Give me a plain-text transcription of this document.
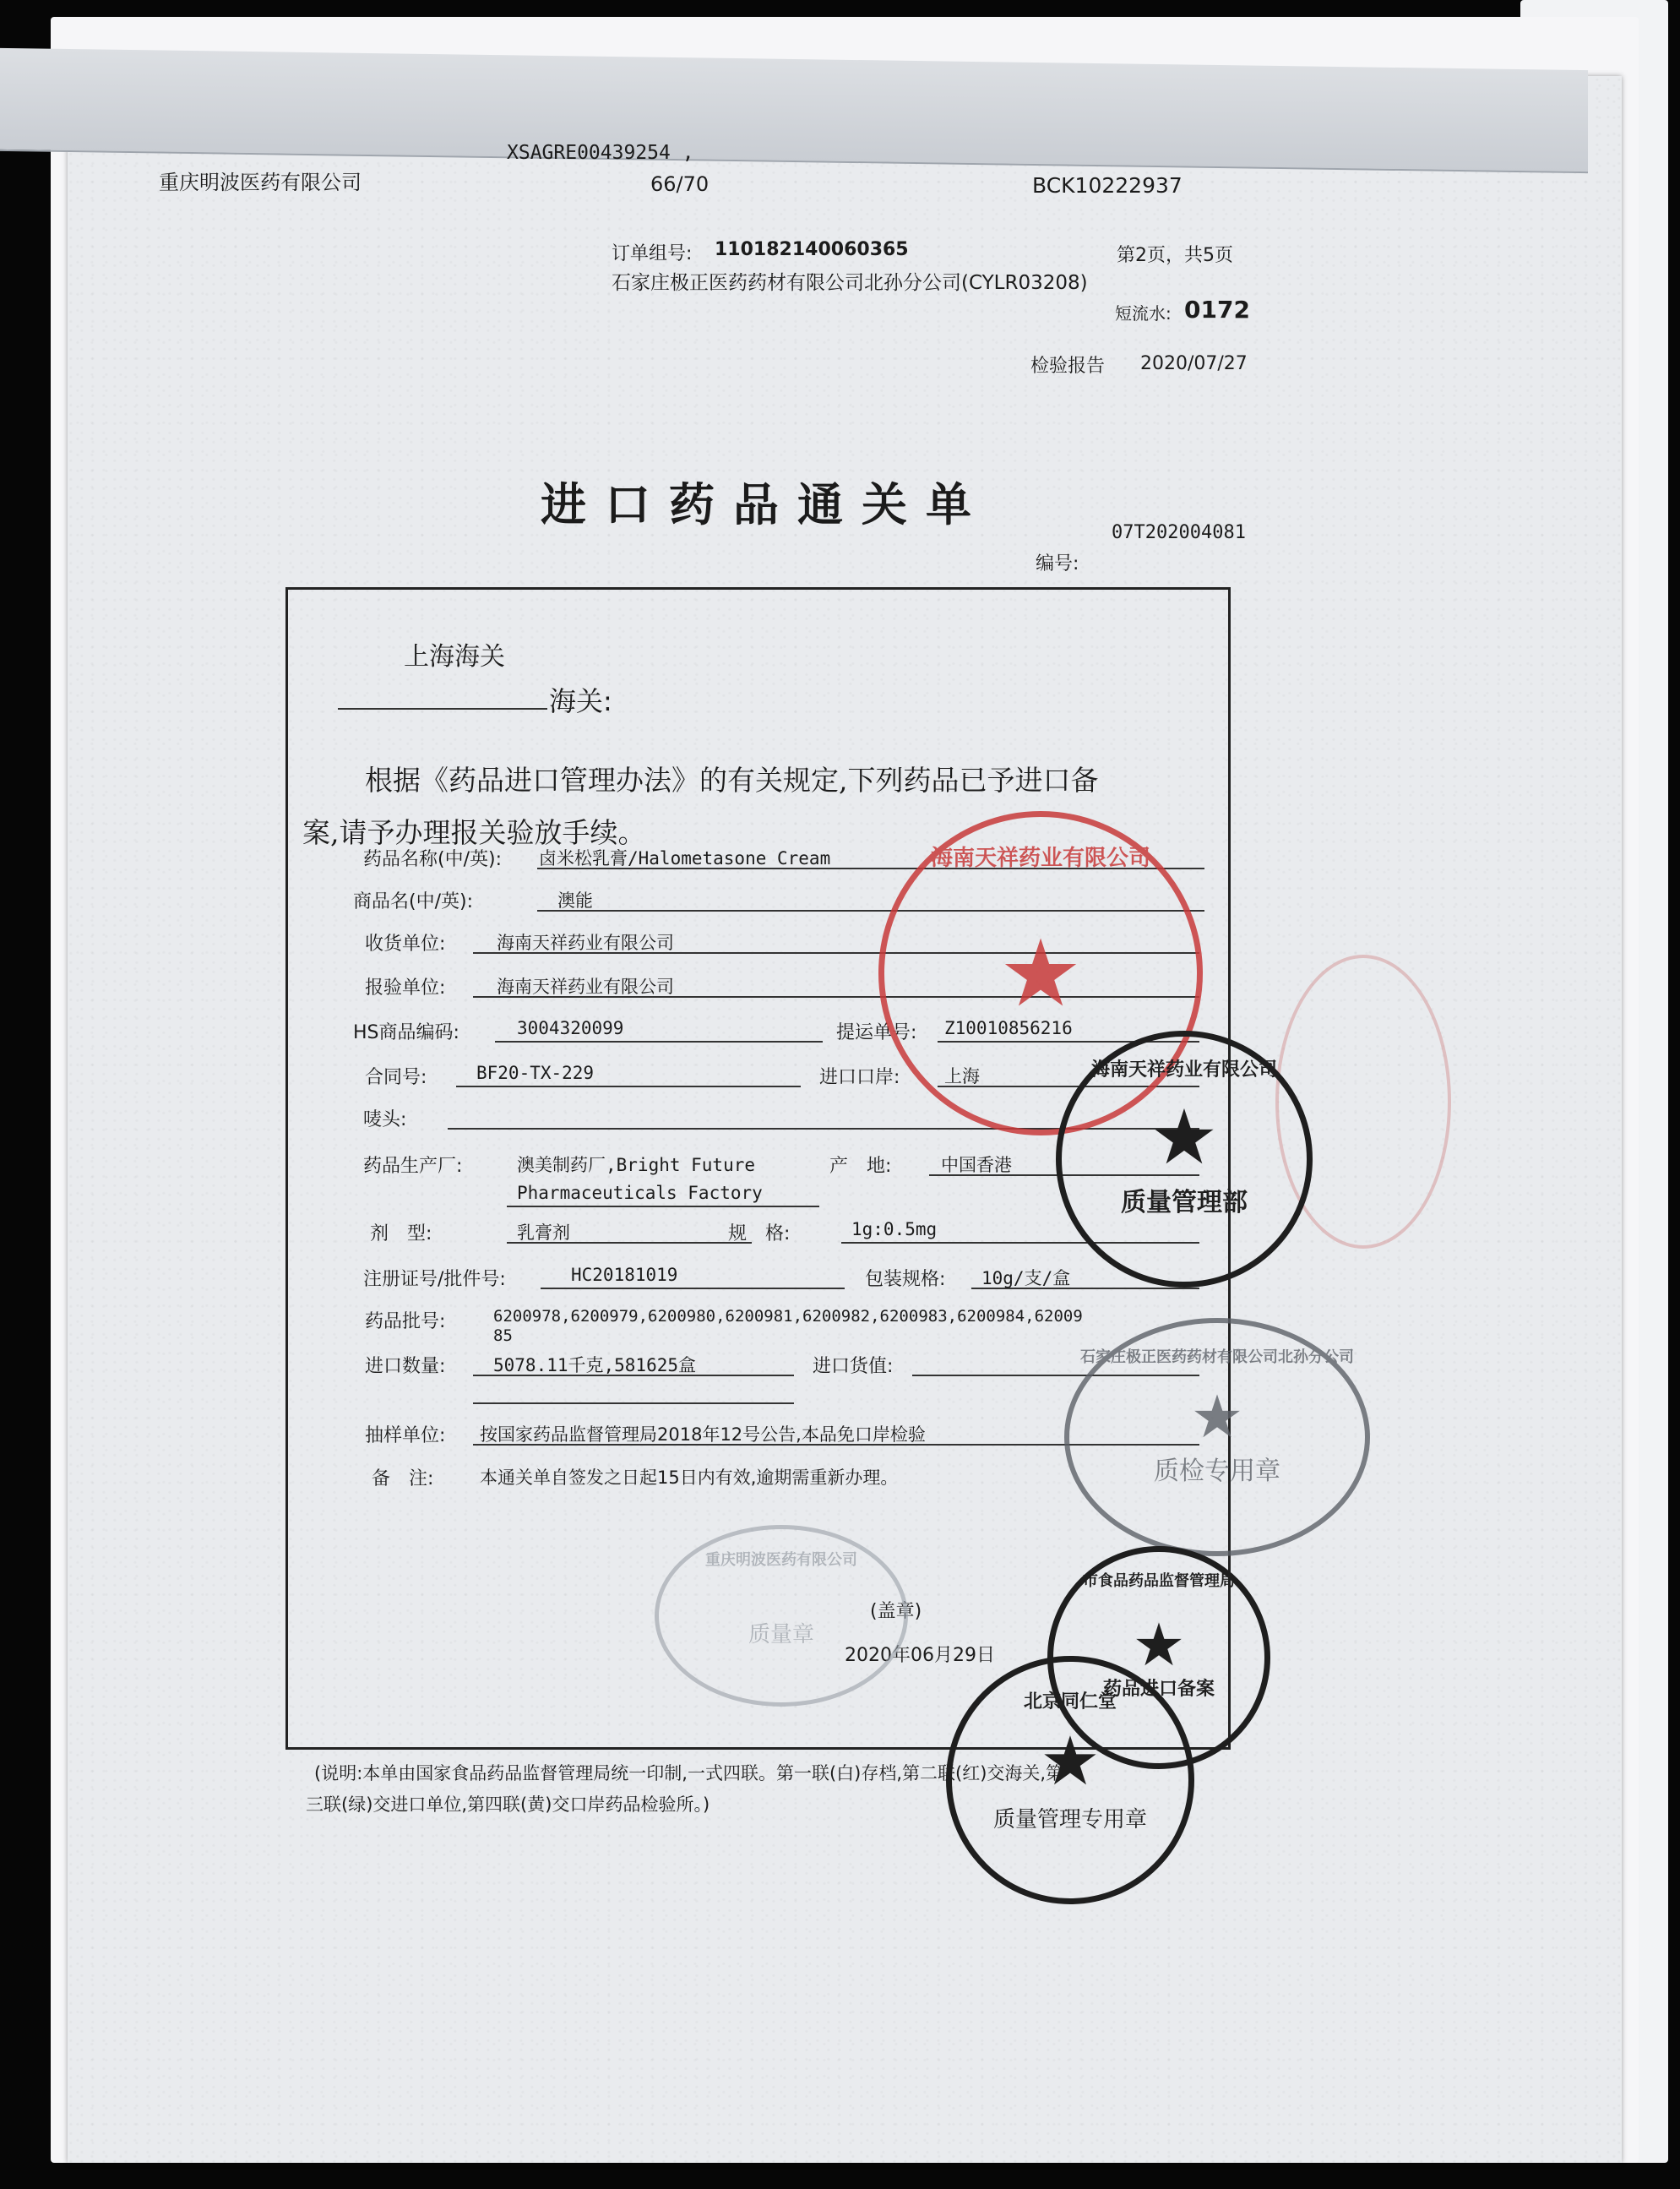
XSAGRE00439254 ,
重庆明波医药有限公司	66/70	BCK10222937
订单组号: 110182140060365	第2页，共5页
石家庄极正医药药材有限公司北孙分公司(CYLR03208)
短流水: 0172
检验报告 2020/07/27
进口药品通关单
07T202004081
编号:
上海海关
海关:
根据《药品进口管理办法》的有关规定,下列药品已予进口备
案,请予办理报关验放手续。
药品名称(中/英): 卤米松乳膏/Halometasone Cream
商品名(中/英):	澳能
收货单位:	海南天祥药业有限公司
报验单位:	海南天祥药业有限公司
HS商品编码:	3004320099	提运单号: Z10010856216
合同号:	BF20-TX-229	进口口岸:	上海
唛头:
药品生产厂:	澳美制药厂,Bright Future	产　地:	中国香港
Pharmaceuticals Factory
剂　型:	乳膏剂	规　格:	1g:0.5mg
注册证号/批件号:	HC20181019	包装规格: 10g/支/盒
药品批号:	6200978,6200979,6200980,6200981,6200982,6200983,6200984,62009
85
进口数量:	5078.11千克,581625盒	进口货值:
抽样单位: 按国家药品监督管理局2018年12号公告,本品免口岸检验
备　注:	本通关单自签发之日起15日内有效,逾期需重新办理。
(盖章)
2020年06月29日
(说明:本单由国家食品药品监督管理局统一印制,一式四联。第一联(白)存档,第二联(红)交海关,第
三联(绿)交进口单位,第四联(黄)交口岸药品检验所。)
海南天祥药业有限公司
★
海南天祥药业有限公司
★
质量管理部
石家庄极正医药药材有限公司北孙分公司
★
质检专用章
重庆明波医药有限公司
质量章
市食品药品监督管理局
★
药品进口备案
北京同仁堂
★
质量管理专用章
